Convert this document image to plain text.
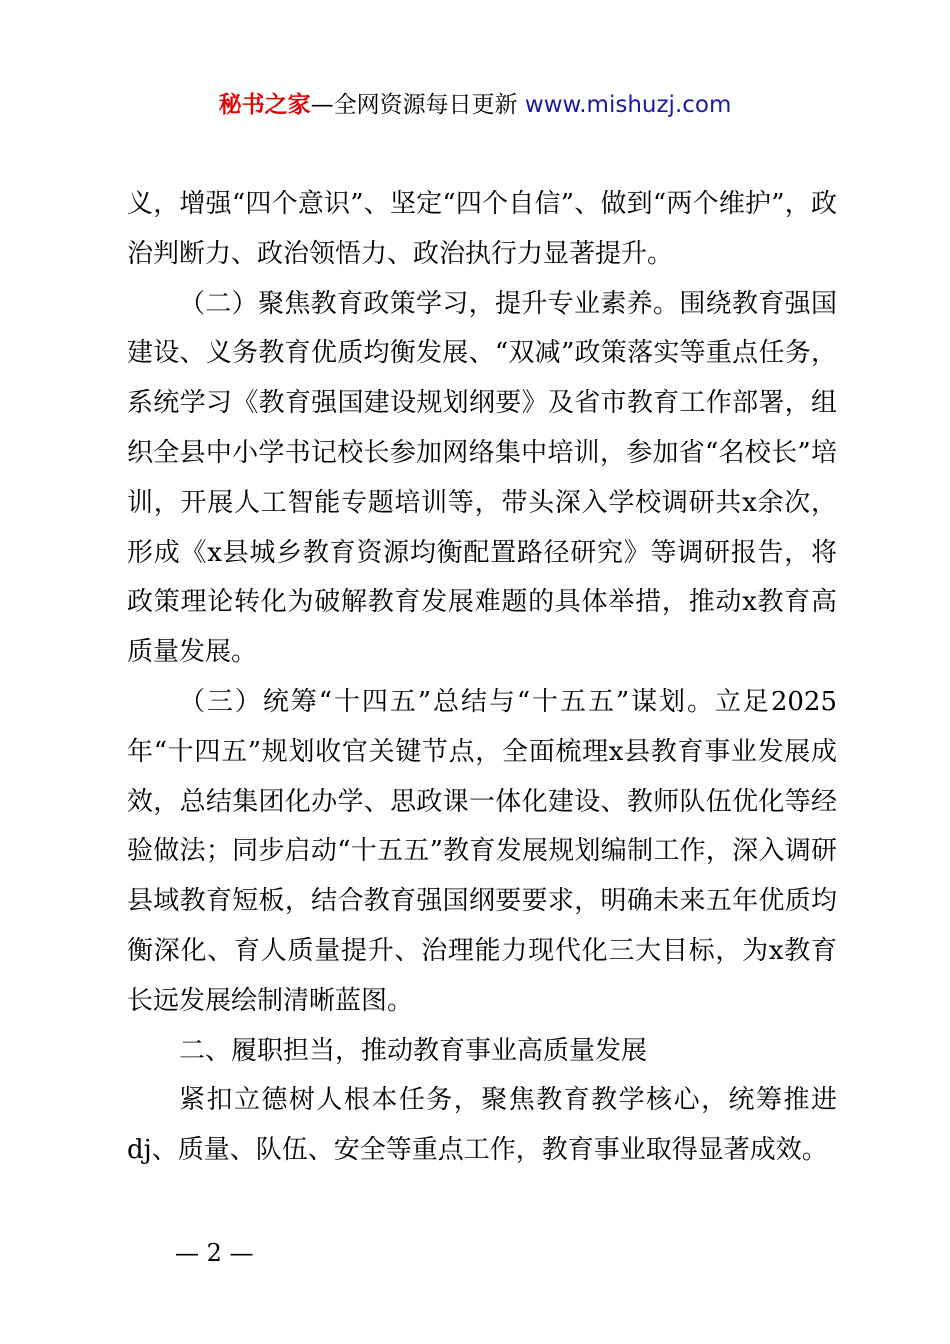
秘书之家—全网资源每日更新 www.mishuzj.com

义，增强“四个意识”、坚定“四个自信”、做到“两个维护”，政治判断力、政治领悟力、政治执行力显著提升。

（二）聚焦教育政策学习，提升专业素养。围绕教育强国建设、义务教育优质均衡发展、“双减”政策落实等重点任务，系统学习《教育强国建设规划纲要》及省市教育工作部署，组织全县中小学书记校长参加网络集中培训，参加省“名校长”培训，开展人工智能专题培训等，带头深入学校调研共x余次，形成《x县城乡教育资源均衡配置路径研究》等调研报告，将政策理论转化为破解教育发展难题的具体举措，推动x教育高质量发展。

（三）统筹“十四五”总结与“十五五”谋划。立足2025年“十四五”规划收官关键节点，全面梳理x县教育事业发展成效，总结集团化办学、思政课一体化建设、教师队伍优化等经验做法；同步启动“十五五”教育发展规划编制工作，深入调研县域教育短板，结合教育强国纲要要求，明确未来五年优质均衡深化、育人质量提升、治理能力现代化三大目标，为x教育长远发展绘制清晰蓝图。

二、履职担当，推动教育事业高质量发展

紧扣立德树人根本任务，聚焦教育教学核心，统筹推进dj、质量、队伍、安全等重点工作，教育事业取得显著成效。

— 2 —
